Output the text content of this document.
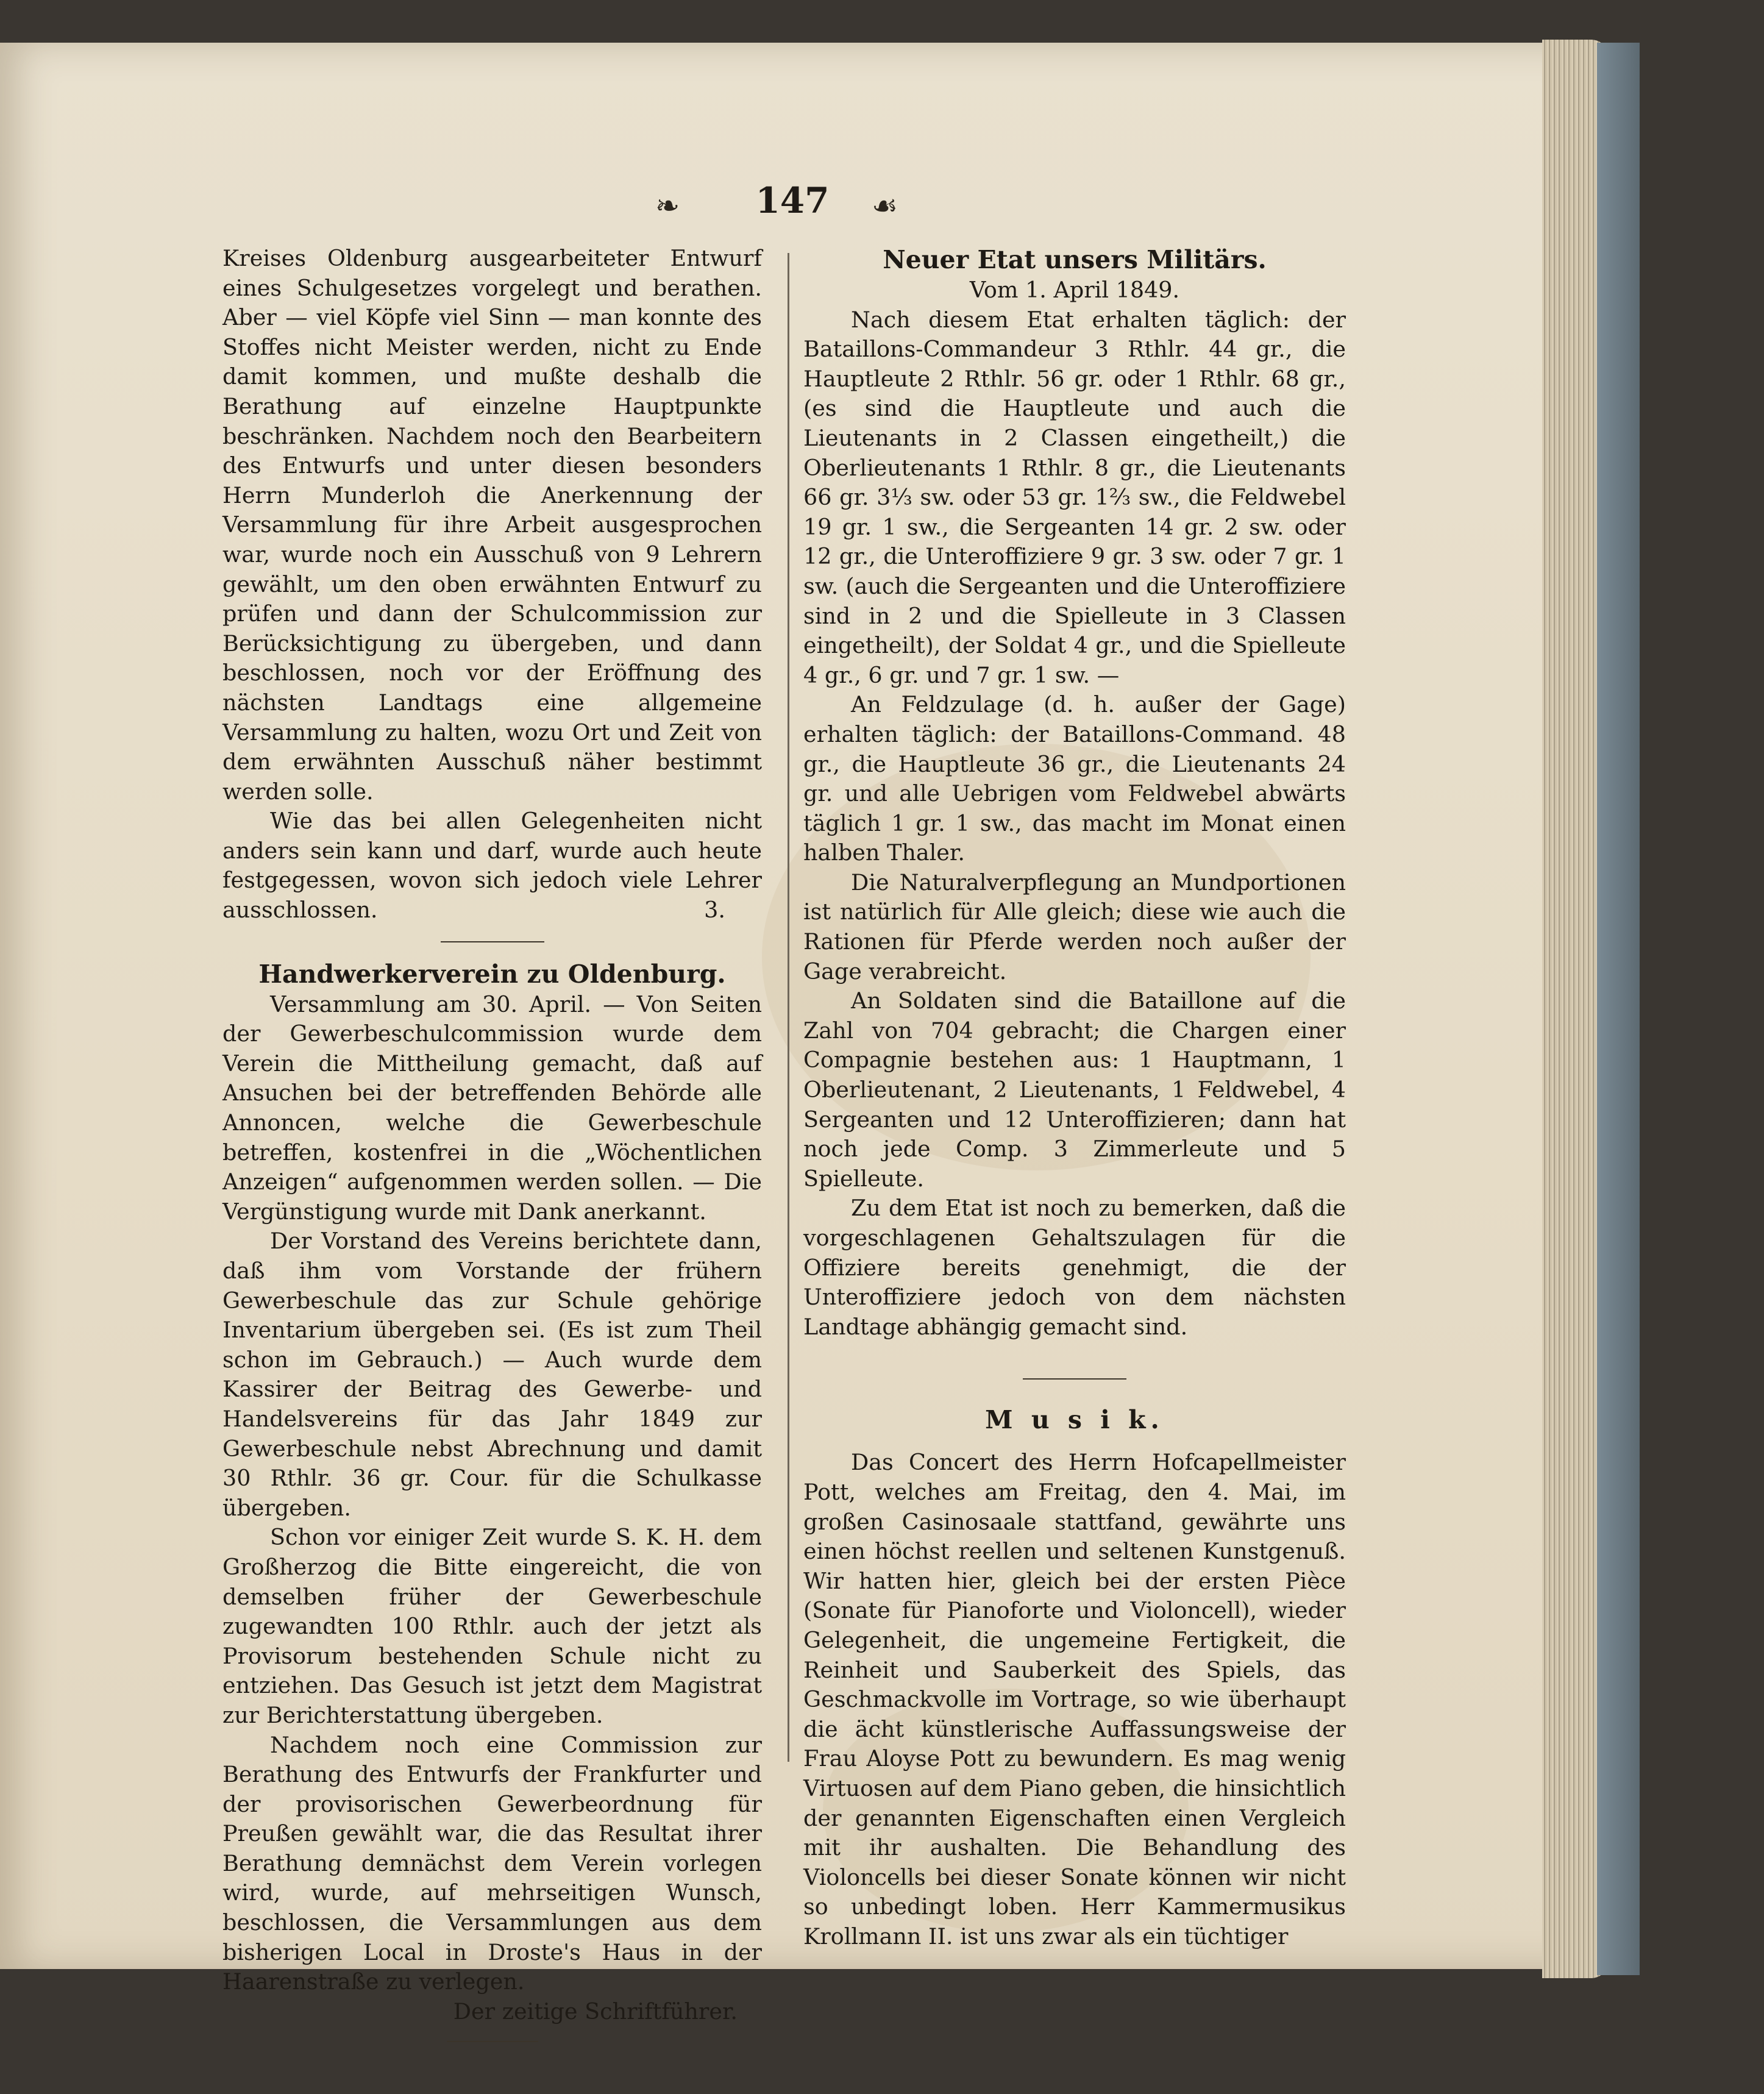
❧	147	☙

Kreises Oldenburg ausgearbeiteter Entwurf eines Schulgesetzes vorgelegt und berathen. Aber — viel Köpfe viel Sinn — man konnte des Stoffes nicht Meister werden, nicht zu Ende damit kommen, und mußte deshalb die Berathung auf einzelne Hauptpunkte beschränken. Nachdem noch den Bearbeitern des Entwurfs und unter diesen besonders Herrn Munderloh die Anerkennung der Versammlung für ihre Arbeit ausgesprochen war, wurde noch ein Ausschuß von 9 Lehrern gewählt, um den oben erwähnten Entwurf zu prüfen und dann der Schulcommission zur Berücksichtigung zu übergeben, und dann beschlossen, noch vor der Eröffnung des nächsten Landtags eine allgemeine Versammlung zu halten, wozu Ort und Zeit von dem erwähnten Ausschuß näher bestimmt werden solle.

Wie das bei allen Gelegenheiten nicht anders sein kann und darf, wurde auch heute festgegessen, wovon sich jedoch viele Lehrer ausschlossen.	3.

Handwerkerverein zu Oldenburg.

Versammlung am 30. April. — Von Seiten der Gewerbeschulcommission wurde dem Verein die Mittheilung gemacht, daß auf Ansuchen bei der betreffenden Behörde alle Annoncen, welche die Gewerbeschule betreffen, kostenfrei in die „Wöchentlichen Anzeigen“ aufgenommen werden sollen. — Die Vergünstigung wurde mit Dank anerkannt.

Der Vorstand des Vereins berichtete dann, daß ihm vom Vorstande der frühern Gewerbeschule das zur Schule gehörige Inventarium übergeben sei. (Es ist zum Theil schon im Gebrauch.) — Auch wurde dem Kassirer der Beitrag des Gewerbe- und Handelsvereins für das Jahr 1849 zur Gewerbeschule nebst Abrechnung und damit 30 Rthlr. 36 gr. Cour. für die Schulkasse übergeben.

Schon vor einiger Zeit wurde S. K. H. dem Großherzog die Bitte eingereicht, die von demselben früher der Gewerbeschule zugewandten 100 Rthlr. auch der jetzt als Provisorum bestehenden Schule nicht zu entziehen. Das Gesuch ist jetzt dem Magistrat zur Berichterstattung übergeben.

Nachdem noch eine Commission zur Berathung des Entwurfs der Frankfurter und der provisorischen Gewerbeordnung für Preußen gewählt war, die das Resultat ihrer Berathung demnächst dem Verein vorlegen wird, wurde, auf mehrseitigen Wunsch, beschlossen, die Versammlungen aus dem bisherigen Local in Droste's Haus in der Haarenstraße zu verlegen.

Der zeitige Schriftführer.

Neuer Etat unsers Militärs.

Vom 1. April 1849.

Nach diesem Etat erhalten täglich: der Bataillons-Commandeur 3 Rthlr. 44 gr., die Hauptleute 2 Rthlr. 56 gr. oder 1 Rthlr. 68 gr., (es sind die Hauptleute und auch die Lieutenants in 2 Classen eingetheilt,) die Oberlieutenants 1 Rthlr. 8 gr., die Lieutenants 66 gr. 3⅓ sw. oder 53 gr. 1⅔ sw., die Feldwebel 19 gr. 1 sw., die Sergeanten 14 gr. 2 sw. oder 12 gr., die Unteroffiziere 9 gr. 3 sw. oder 7 gr. 1 sw. (auch die Sergeanten und die Unteroffiziere sind in 2 und die Spielleute in 3 Classen eingetheilt), der Soldat 4 gr., und die Spielleute 4 gr., 6 gr. und 7 gr. 1 sw. —

An Feldzulage (d. h. außer der Gage) erhalten täglich: der Bataillons-Command. 48 gr., die Hauptleute 36 gr., die Lieutenants 24 gr. und alle Uebrigen vom Feldwebel abwärts täglich 1 gr. 1 sw., das macht im Monat einen halben Thaler.

Die Naturalverpflegung an Mundportionen ist natürlich für Alle gleich; diese wie auch die Rationen für Pferde werden noch außer der Gage verabreicht.

An Soldaten sind die Bataillone auf die Zahl von 704 gebracht; die Chargen einer Compagnie bestehen aus: 1 Hauptmann, 1 Oberlieutenant, 2 Lieutenants, 1 Feldwebel, 4 Sergeanten und 12 Unteroffizieren; dann hat noch jede Comp. 3 Zimmerleute und 5 Spielleute.

Zu dem Etat ist noch zu bemerken, daß die vorgeschlagenen Gehaltszulagen für die Offiziere bereits genehmigt, die der Unteroffiziere jedoch von dem nächsten Landtage abhängig gemacht sind.

M u s i k.

Das Concert des Herrn Hofcapellmeister Pott, welches am Freitag, den 4. Mai, im großen Casinosaale stattfand, gewährte uns einen höchst reellen und seltenen Kunstgenuß. Wir hatten hier, gleich bei der ersten Pièce (Sonate für Pianoforte und Violoncell), wieder Gelegenheit, die ungemeine Fertigkeit, die Reinheit und Sauberkeit des Spiels, das Geschmackvolle im Vortrage, so wie überhaupt die ächt künstlerische Auffassungsweise der Frau Aloyse Pott zu bewundern. Es mag wenig Virtuosen auf dem Piano geben, die hinsichtlich der genannten Eigenschaften einen Vergleich mit ihr aushalten. Die Behandlung des Violoncells bei dieser Sonate können wir nicht so unbedingt loben. Herr Kammermusikus Krollmann II. ist uns zwar als ein tüchtiger
